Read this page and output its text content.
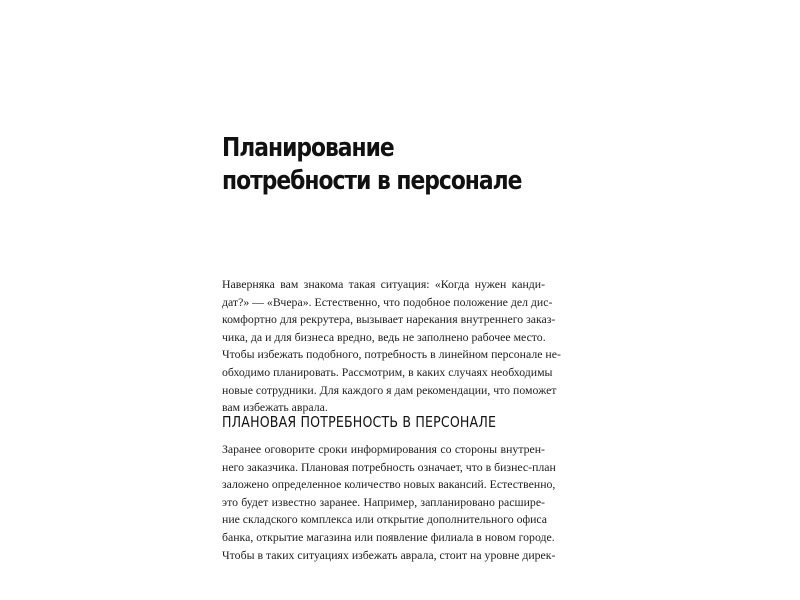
Планирование
потребности в персонале

Наверняка вам знакома такая ситуация: «Когда нужен канди-
дат?» — «Вчера». Естественно, что подобное положение дел дис-
комфортно для рекрутера, вызывает нарекания внутреннего заказ-
чика, да и для бизнеса вредно, ведь не заполнено рабочее место.
Чтобы избежать подобного, потребность в линейном персонале не-
обходимо планировать. Рассмотрим, в каких случаях необходимы
новые сотрудники. Для каждого я дам рекомендации, что поможет
вам избежать аврала.

ПЛАНОВАЯ ПОТРЕБНОСТЬ В ПЕРСОНАЛЕ

Заранее оговорите сроки информирования со стороны внутрен-
него заказчика. Плановая потребность означает, что в бизнес-план
заложено определенное количество новых вакансий. Естественно,
это будет известно заранее. Например, запланировано расшире-
ние складского комплекса или открытие дополнительного офиса
банка, открытие магазина или появление филиала в новом городе.
Чтобы в таких ситуациях избежать аврала, стоит на уровне дирек-
